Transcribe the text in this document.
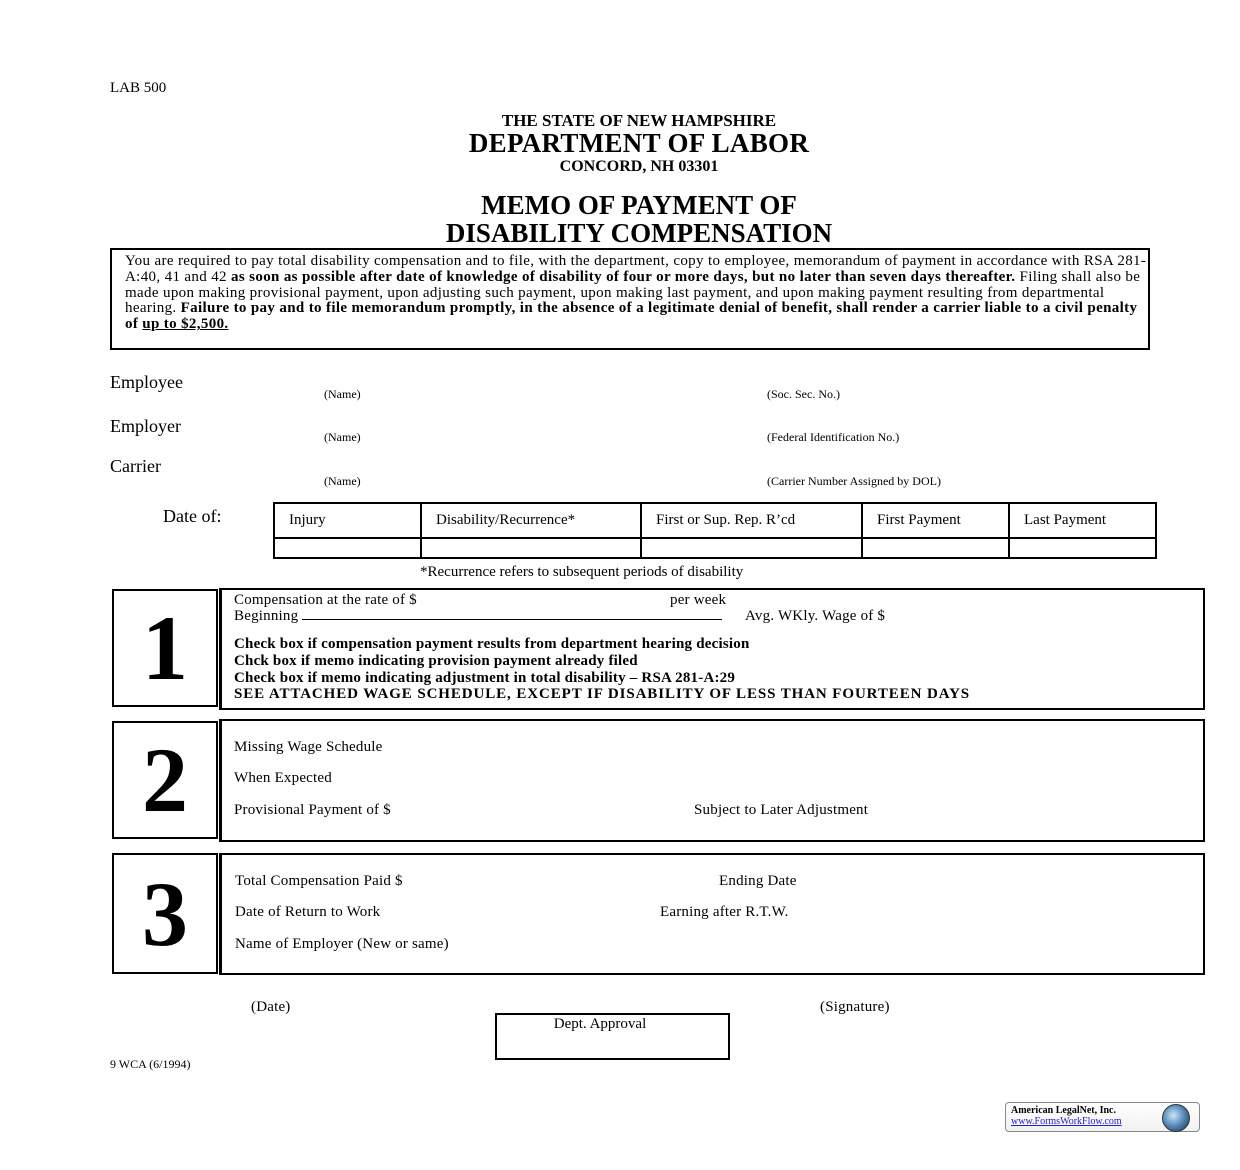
LAB 500
THE STATE OF NEW HAMPSHIRE
DEPARTMENT OF LABOR
CONCORD, NH 03301
MEMO OF PAYMENT OF
DISABILITY COMPENSATION
You are required to pay total disability compensation and to file, with the department, copy to employee, memorandum of payment in accordance with RSA 281-A:40, 41 and 42 as soon as possible after date of knowledge of disability of four or more days, but no later than seven days thereafter. Filing shall also be made upon making provisional payment, upon adjusting such payment, upon making last payment, and upon making payment resulting from departmental hearing. Failure to pay and to file memorandum promptly, in the absence of a legitimate denial of benefit, shall render a carrier liable to a civil penalty of up to $2,500.
Employee
(Name)	(Soc. Sec. No.)
Employer
(Name)	(Federal Identification No.)
Carrier
(Name)	(Carrier Number Assigned by DOL)
Date of:	Injury	Disability/Recurrence*	First or Sup. Rep. R’cd	First Payment	Last Payment

*Recurrence refers to subsequent periods of disability
1	Compensation at the rate of $	per week
Beginning	Avg. WKly. Wage of $
Check box if compensation payment results from department hearing decision
Chck box if memo indicating provision payment already filed
Check box if memo indicating adjustment in total disability – RSA 281-A:29
SEE ATTACHED WAGE SCHEDULE, EXCEPT IF DISABILITY OF LESS THAN FOURTEEN DAYS
2	Missing Wage Schedule
When Expected
Provisional Payment of $	Subject to Later Adjustment
3	Total Compensation Paid $	Ending Date
Date of Return to Work	Earning after R.T.W.
Name of Employer (New or same)
(Date)	(Signature)
Dept. Approval
9 WCA (6/1994)
American LegalNet, Inc.
www.FormsWorkFlow.com
